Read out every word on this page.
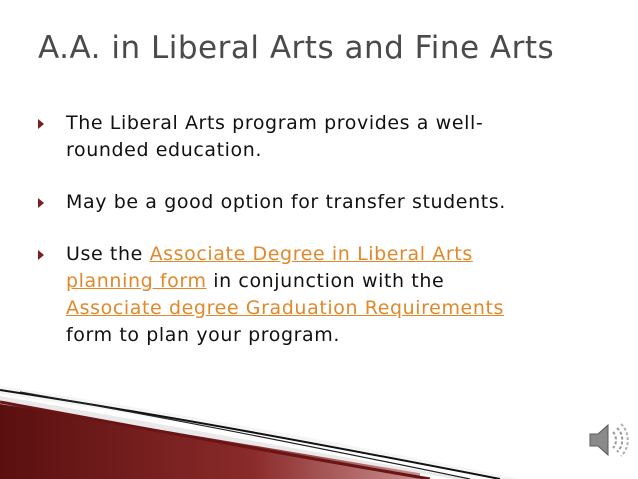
A.A. in Liberal Arts and Fine Arts
The Liberal Arts program provides a well-
rounded education.
May be a good option for transfer students.
Use the Associate Degree in Liberal Arts
planning form in conjunction with the
Associate degree Graduation Requirements
form to plan your program.
